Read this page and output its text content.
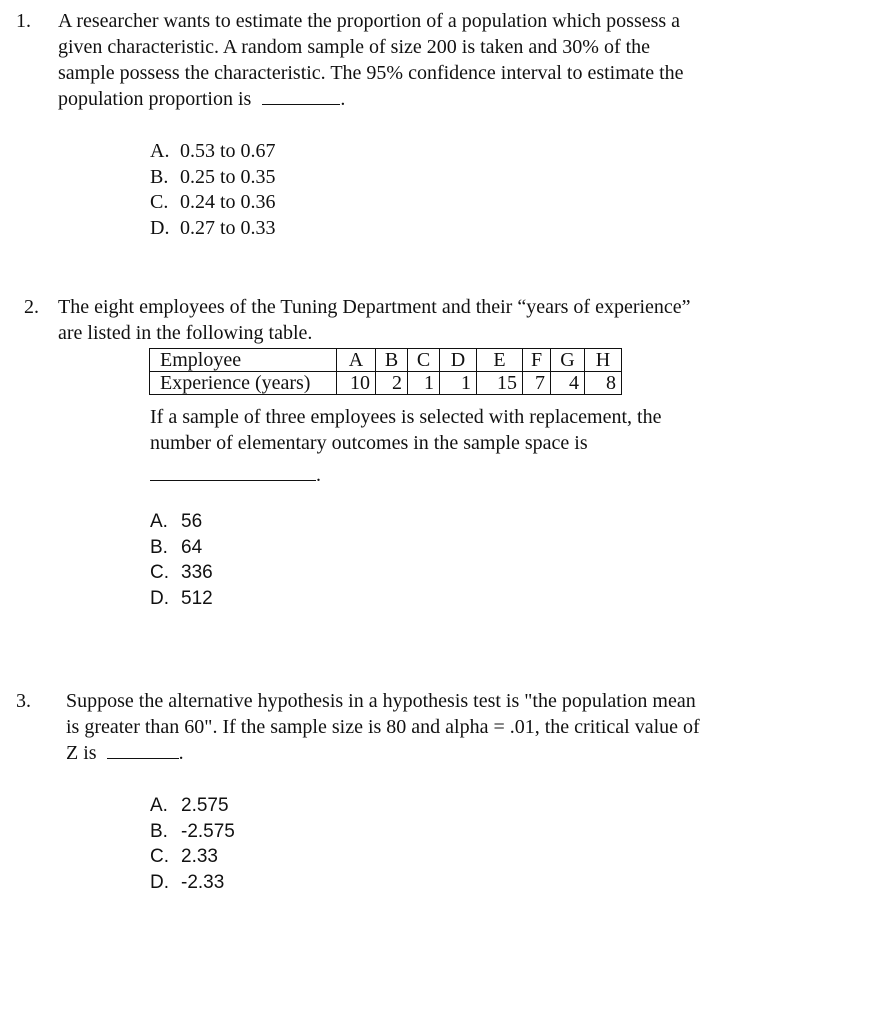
1. A researcher wants to estimate the proportion of a population which possess a
given characteristic. A random sample of size 200 is taken and 30% of the
sample possess the characteristic. The 95% confidence interval to estimate the
population proportion is	.
A. 0.53 to 0.67
B. 0.25 to 0.35
C. 0.24 to 0.36
D. 0.27 to 0.33
2. The eight employees of the Tuning Department and their “years of experience”
are listed in the following table.
Employee	A	B	C	D	E	F	G	H
Experience (years)	10	2	1	1	15	7	4	8
If a sample of three employees is selected with replacement, the
number of elementary outcomes in the sample space is
.
A. 56
B. 64
C. 336
D. 512
3. Suppose the alternative hypothesis in a hypothesis test is "the population mean
is greater than 60". If the sample size is 80 and alpha = .01, the critical value of
Z is	.
A. 2.575
B. -2.575
C. 2.33
D. -2.33
